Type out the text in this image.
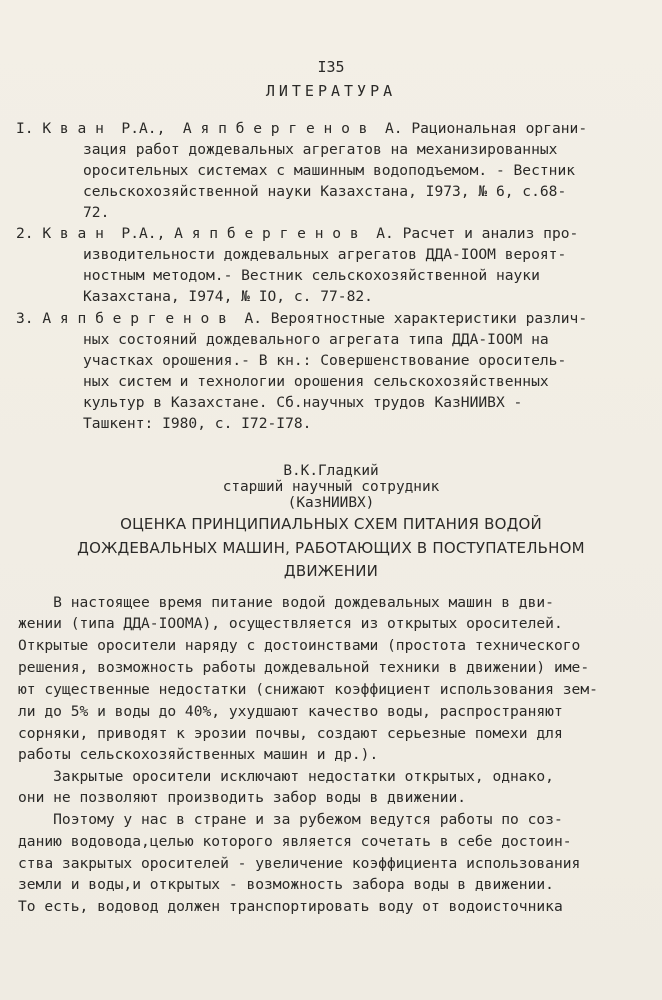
I35
ЛИТЕРАТУРА
I. К в а н  Р.А.,  А я п б е р г е н о в  А. Рациональная органи-
зация работ дождевальных агрегатов на механизированных
оросительных системах с машинным водоподъемом. - Вестник
сельскохозяйственной науки Казахстана, I973, № 6, с.68-
72.
2. К в а н  Р.А., А я п б е р г е н о в  А. Расчет и анализ про-
изводительности дождевальных агрегатов ДДА-IOOM вероят-
ностным методом.- Вестник сельскохозяйственной науки
Казахстана, I974, № IO, с. 77-82.
3. А я п б е р г е н о в  А. Вероятностные характеристики различ-
ных состояний дождевального агрегата типа ДДА-IOOM на
участках орошения.- В кн.: Совершенствование ороситель-
ных систем и технологии орошения сельскохозяйственных
культур в Казахстане. Сб.научных трудов КазНИИВХ -
Ташкент: I980, с. I72-I78.
В.К.Гладкий
старший научный сотрудник
(КазНИИВХ)
ОЦЕНКА ПРИНЦИПИАЛЬНЫХ СХЕМ ПИТАНИЯ ВОДОЙ
ДОЖДЕВАЛЬНЫХ МАШИН, РАБОТАЮЩИХ В ПОСТУПАТЕЛЬНОМ
ДВИЖЕНИИ
В настоящее время питание водой дождевальных машин в дви-
жении (типа ДДА-IOOMA), осуществляется из открытых оросителей.
Открытые оросители наряду с достоинствами (простота технического
решения, возможность работы дождевальной техники в движении) име-
ют существенные недостатки (снижают коэффициент использования зем-
ли до 5% и воды до 40%, ухудшают качество воды, распространяют
сорняки, приводят к эрозии почвы, создают серьезные помехи для
работы сельскохозяйственных машин и др.).
Закрытые оросители исключают недостатки открытых, однако,
они не позволяют производить забор воды в движении.
Поэтому у нас в стране и за рубежом ведутся работы по соз-
данию водовода,целью которого является сочетать в себе достоин-
ства закрытых оросителей - увеличение коэффициента использования
земли и воды,и открытых - возможность забора воды в движении.
То есть, водовод должен транспортировать воду от водоисточника
